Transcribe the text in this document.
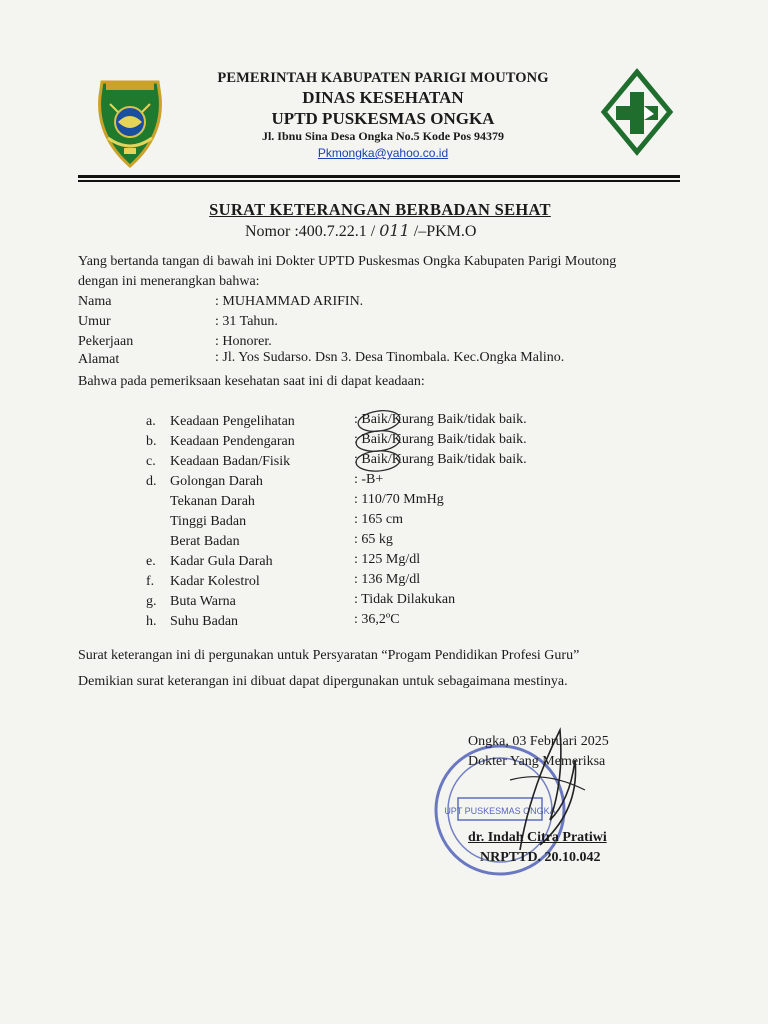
PEMERINTAH KABUPATEN PARIGI MOUTONG
DINAS KESEHATAN
UPTD PUSKESMAS ONGKA
Jl. Ibnu Sina Desa Ongka No.5 Kode Pos 94379
Pkmongka@yahoo.co.id
SURAT KETERANGAN BERBADAN SEHAT
Nomor :400.7.22.1 / 011 /–PKM.O
Yang bertanda tangan di bawah ini Dokter UPTD Puskesmas Ongka Kabupaten Parigi Moutong
dengan ini menerangkan bahwa:
Nama	: MUHAMMAD ARIFIN.
Umur	: 31 Tahun.
Pekerjaan	: Honorer.
Alamat	: Jl. Yos Sudarso. Dsn 3. Desa Tinombala. Kec.Ongka Malino.
Bahwa pada pemeriksaan kesehatan saat ini di dapat keadaan:
a. Keadaan Pengelihatan	: Baik/Kurang Baik/tidak baik.
b. Keadaan Pendengaran	: Baik/Kurang Baik/tidak baik.
c. Keadaan Badan/Fisik	: Baik/Kurang Baik/tidak baik.
d. Golongan Darah	: -B+
Tekanan Darah	: 110/70 MmHg
Tinggi Badan	: 165 cm
Berat Badan	: 65 kg
e. Kadar Gula Darah	: 125 Mg/dl
f. Kadar Kolestrol	: 136 Mg/dl
g. Buta Warna	: Tidak Dilakukan
h. Suhu Badan	: 36,2ºC
Surat keterangan ini di pergunakan untuk Persyaratan “Progam Pendidikan Profesi Guru”
Demikian surat keterangan ini dibuat dapat dipergunakan untuk sebagaimana mestinya.
UPT PUSKESMAS ONGKA
Ongka, 03 Februari 2025
Dokter Yang Memeriksa
dr. Indah Citra Pratiwi
NRPTTD. 20.10.042
